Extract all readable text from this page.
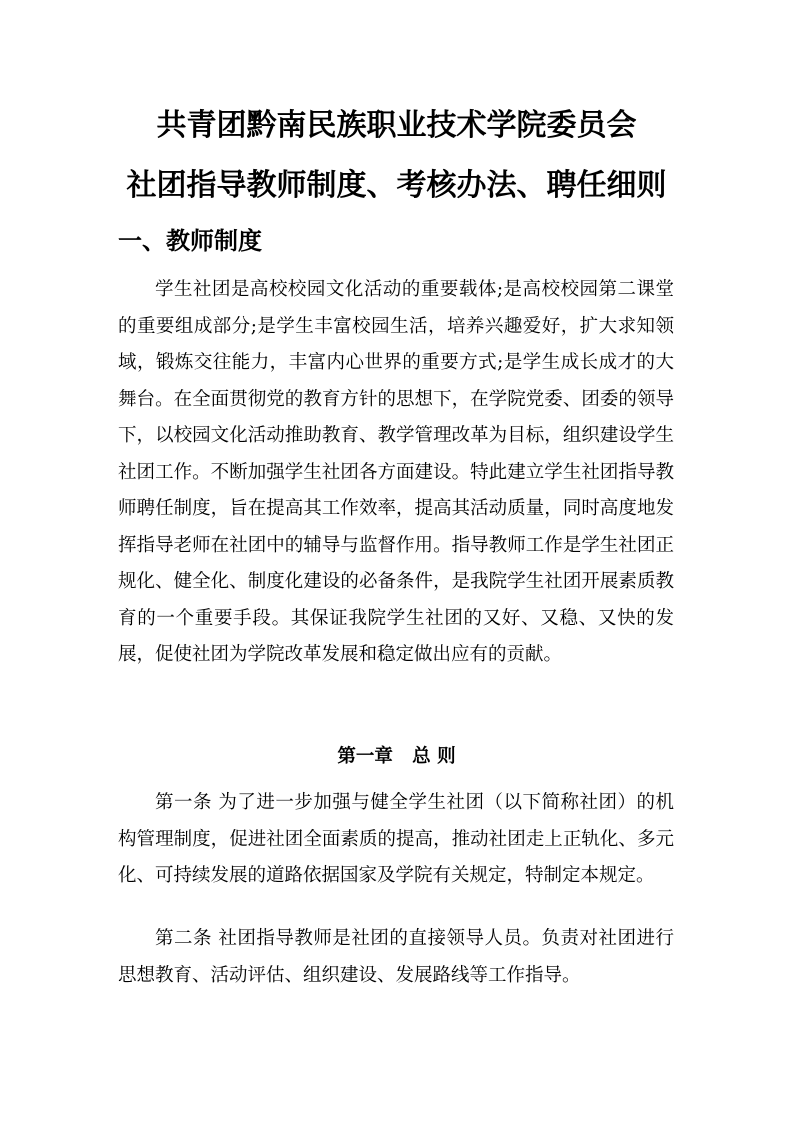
共青团黔南民族职业技术学院委员会
社团指导教师制度、考核办法、聘任细则
一、教师制度

学生社团是高校校园文化活动的重要载体;是高校校园第二课堂的重要组成部分;是学生丰富校园生活，培养兴趣爱好，扩大求知领域，锻炼交往能力，丰富内心世界的重要方式;是学生成长成才的大舞台。在全面贯彻党的教育方针的思想下，在学院党委、团委的领导下，以校园文化活动推助教育、教学管理改革为目标，组织建设学生社团工作。不断加强学生社团各方面建设。特此建立学生社团指导教师聘任制度，旨在提高其工作效率，提高其活动质量，同时高度地发挥指导老师在社团中的辅导与监督作用。指导教师工作是学生社团正规化、健全化、制度化建设的必备条件，是我院学生社团开展素质教育的一个重要手段。其保证我院学生社团的又好、又稳、又快的发展，促使社团为学院改革发展和稳定做出应有的贡献。

第一章   总 则

第一条 为了进一步加强与健全学生社团（以下简称社团）的机构管理制度，促进社团全面素质的提高，推动社团走上正轨化、多元化、可持续发展的道路依据国家及学院有关规定，特制定本规定。

第二条 社团指导教师是社团的直接领导人员。负责对社团进行思想教育、活动评估、组织建设、发展路线等工作指导。
